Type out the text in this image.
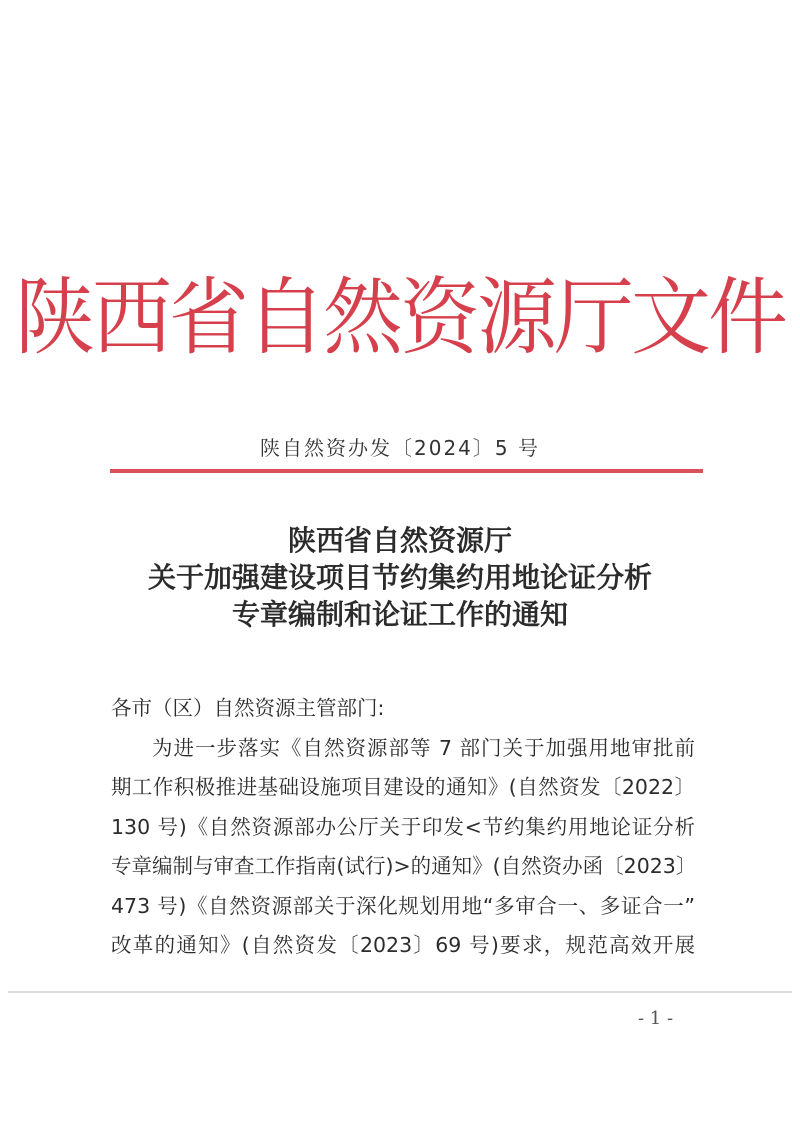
陕西省自然资源厅文件
陕自然资办发〔2024〕5 号
陕西省自然资源厅
关于加强建设项目节约集约用地论证分析
专章编制和论证工作的通知
各市（区）自然资源主管部门:
为进一步落实《自然资源部等 7 部门关于加强用地审批前
期工作积极推进基础设施项目建设的通知》(自然资发〔2022〕
130 号)《自然资源部办公厅关于印发<节约集约用地论证分析
专章编制与审查工作指南(试行)>的通知》(自然资办函〔2023〕
473 号)《自然资源部关于深化规划用地“多审合一、多证合一”
改革的通知》(自然资发〔2023〕69 号)要求，规范高效开展
- 1 -
